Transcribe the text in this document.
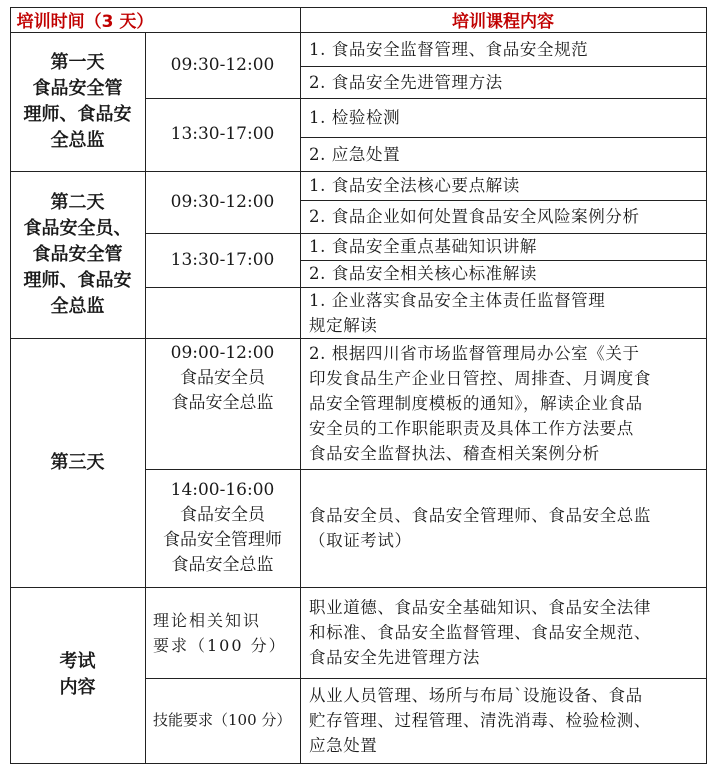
培训时间（3 天）	培训课程内容
第一天
食品安全管
理师、食品安
全总监
09:30-12:00
1. 食品安全监督管理、食品安全规范
2. 食品安全先进管理方法
13:30-17:00
1. 检验检测
2. 应急处置
第二天
食品安全员、
食品安全管
理师、食品安
全总监
09:30-12:00
1. 食品安全法核心要点解读
2. 食品企业如何处置食品安全风险案例分析
13:30-17:00
1. 食品安全重点基础知识讲解
2. 食品安全相关核心标准解读
第三天
09:00-12:00
食品安全员
食品安全总监
1. 企业落实食品安全主体责任监督管理
规定解读
2. 根据四川省市场监督管理局办公室《关于
印发食品生产企业日管控、周排查、月调度食
品安全管理制度模板的通知》，解读企业食品
安全员的工作职能职责及具体工作方法要点
食品安全监督执法、稽查相关案例分析
14:00-16:00
食品安全员
食品安全管理师
食品安全总监
食品安全员、食品安全管理师、食品安全总监
（取证考试）
考试
内容
理论相关知识
要求（100 分）
职业道德、食品安全基础知识、食品安全法律
和标准、食品安全监督管理、食品安全规范、
食品安全先进管理方法
技能要求（100 分）
从业人员管理、场所与布局`设施设备、食品
贮存管理、过程管理、清洗消毒、检验检测、
应急处置
